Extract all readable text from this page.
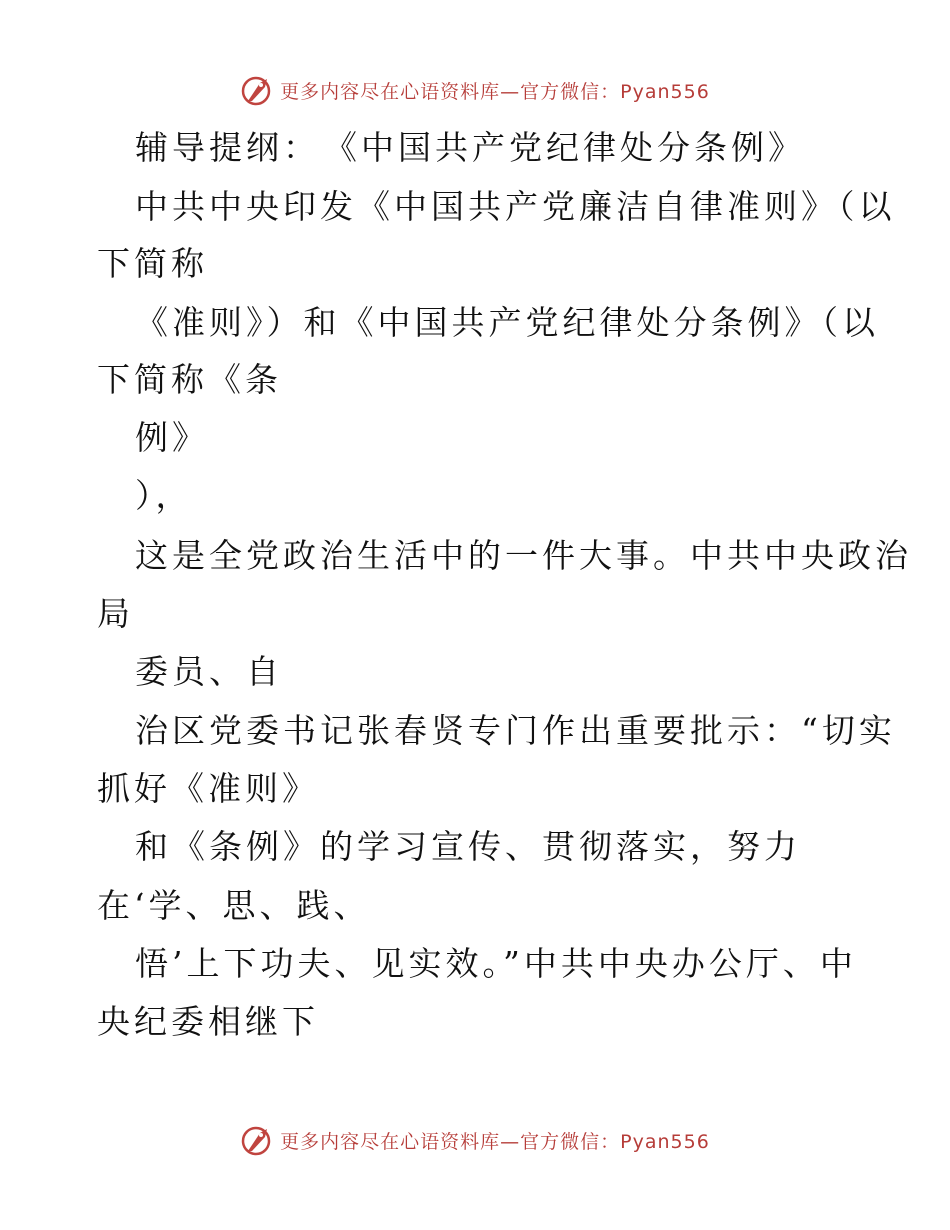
更多内容尽在心语资料库—官方微信：Pyan556
辅导提纲：　《中国共产党纪律处分条例》
中共中央印发《中国共产党廉洁自律准则》（以
下简称
《准则》）和《中国共产党纪律处分条例》（以
下简称《条
例》
），
这是全党政治生活中的一件大事。中共中央政治
局
委员、自
治区党委书记张春贤专门作出重要批示：“切实
抓好《准则》
和《条例》的学习宣传、贯彻落实，努力
在‘学、思、践、
悟’上下功夫、见实效。”中共中央办公厅、中
央纪委相继下
更多内容尽在心语资料库—官方微信：Pyan556
